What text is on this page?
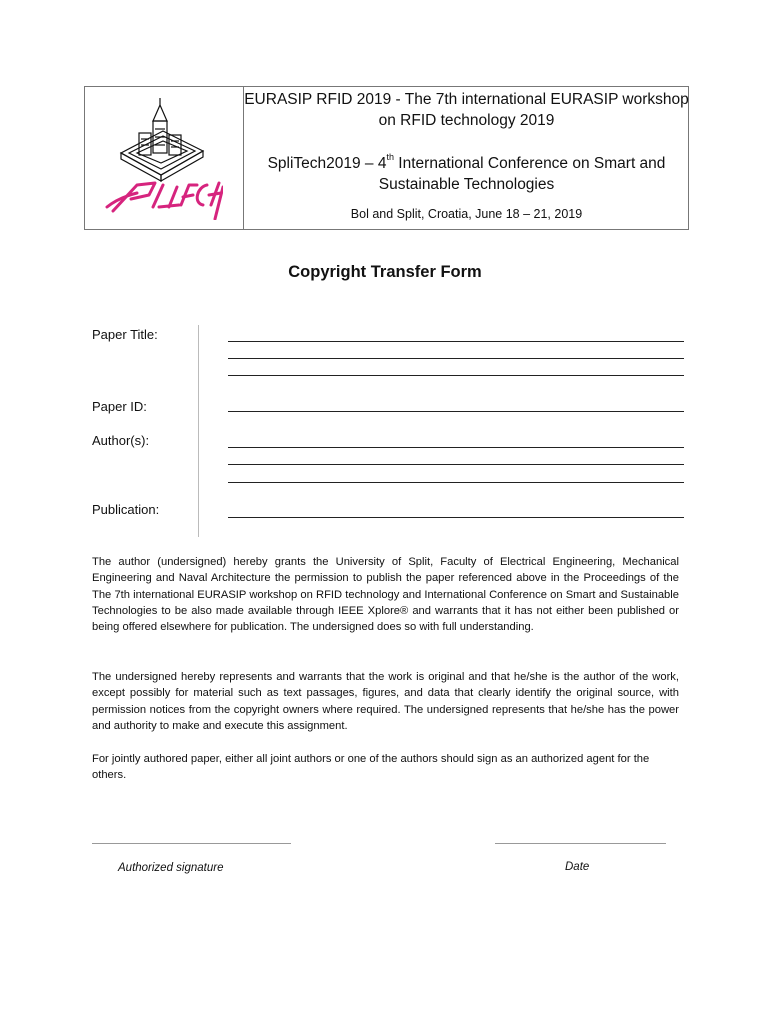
EURASIP RFID 2019 - The 7th international EURASIP workshop on RFID technology 2019
SpliTech2019 – 4th International Conference on Smart and Sustainable Technologies
Bol and Split, Croatia, June 18 – 21, 2019
Copyright Transfer Form
Paper Title:
Paper ID:
Author(s):
Publication:

The author (undersigned) hereby grants the University of Split, Faculty of Electrical Engineering, Mechanical Engineering and Naval Architecture the permission to publish the paper referenced above in the Proceedings of the The 7th international EURASIP workshop on RFID technology and International Conference on Smart and Sustainable Technologies to be also made available through IEEE Xplore® and warrants that it has not either been published or being offered elsewhere for publication. The undersigned does so with full understanding.

The undersigned hereby represents and warrants that the work is original and that he/she is the author of the work, except possibly for material such as text passages, figures, and data that clearly identify the original source, with permission notices from the copyright owners where required. The undersigned represents that he/she has the power and authority to make and execute this assignment.

For jointly authored paper, either all joint authors or one of the authors should sign as an authorized agent for the others.

Authorized signature	Date
